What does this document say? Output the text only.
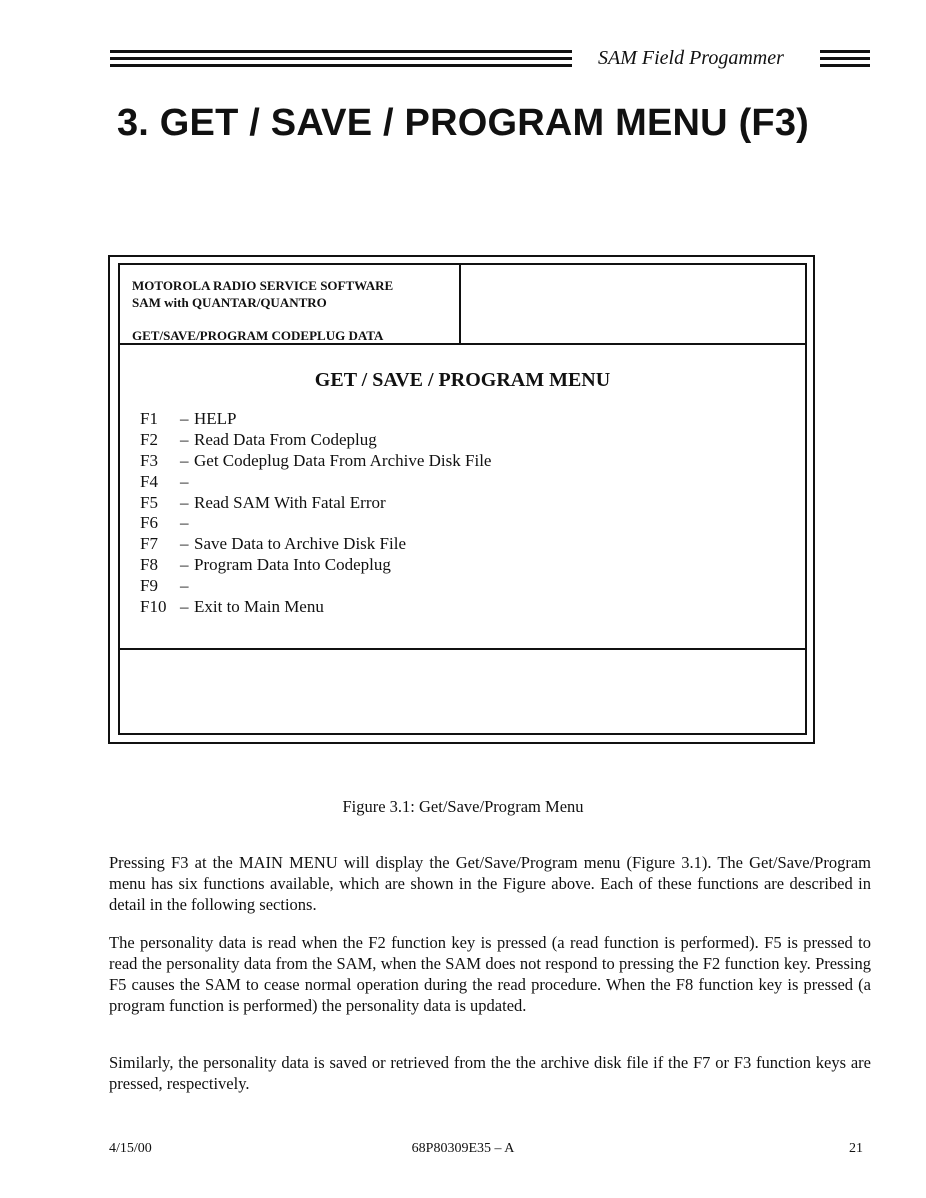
SAM Field Progammer
3. GET / SAVE / PROGRAM MENU (F3)

MOTOROLA RADIO SERVICE SOFTWARE

SAM with QUANTAR/QUANTRO

GET/SAVE/PROGRAM CODEPLUG DATA

GET / SAVE / PROGRAM MENU

F1 – HELP
F2 – Read Data From Codeplug
F3 – Get Codeplug Data From Archive Disk File
F4 –
F5 – Read SAM With Fatal Error
F6 –
F7 – Save Data to Archive Disk File
F8 – Program Data Into Codeplug
F9 –
F10 – Exit to Main Menu

Figure 3.1: Get/Save/Program Menu

Pressing F3 at the MAIN MENU will display the Get/Save/Program menu (Figure 3.1). The Get/Save/Program menu has six functions available, which are shown in the Figure above. Each of these functions are described in detail in the following sections.

The personality data is read when the F2 function key is pressed (a read function is performed). F5 is pressed to read the personality data from the SAM, when the SAM does not respond to pressing the F2 function key. Pressing F5 causes the SAM to cease normal operation during the read procedure. When the F8 function key is pressed (a program function is performed) the personality data is updated.

Similarly, the personality data is saved or retrieved from the the archive disk file if the F7 or F3 function keys are pressed, respectively.

4/15/00	68P80309E35 – A	21
